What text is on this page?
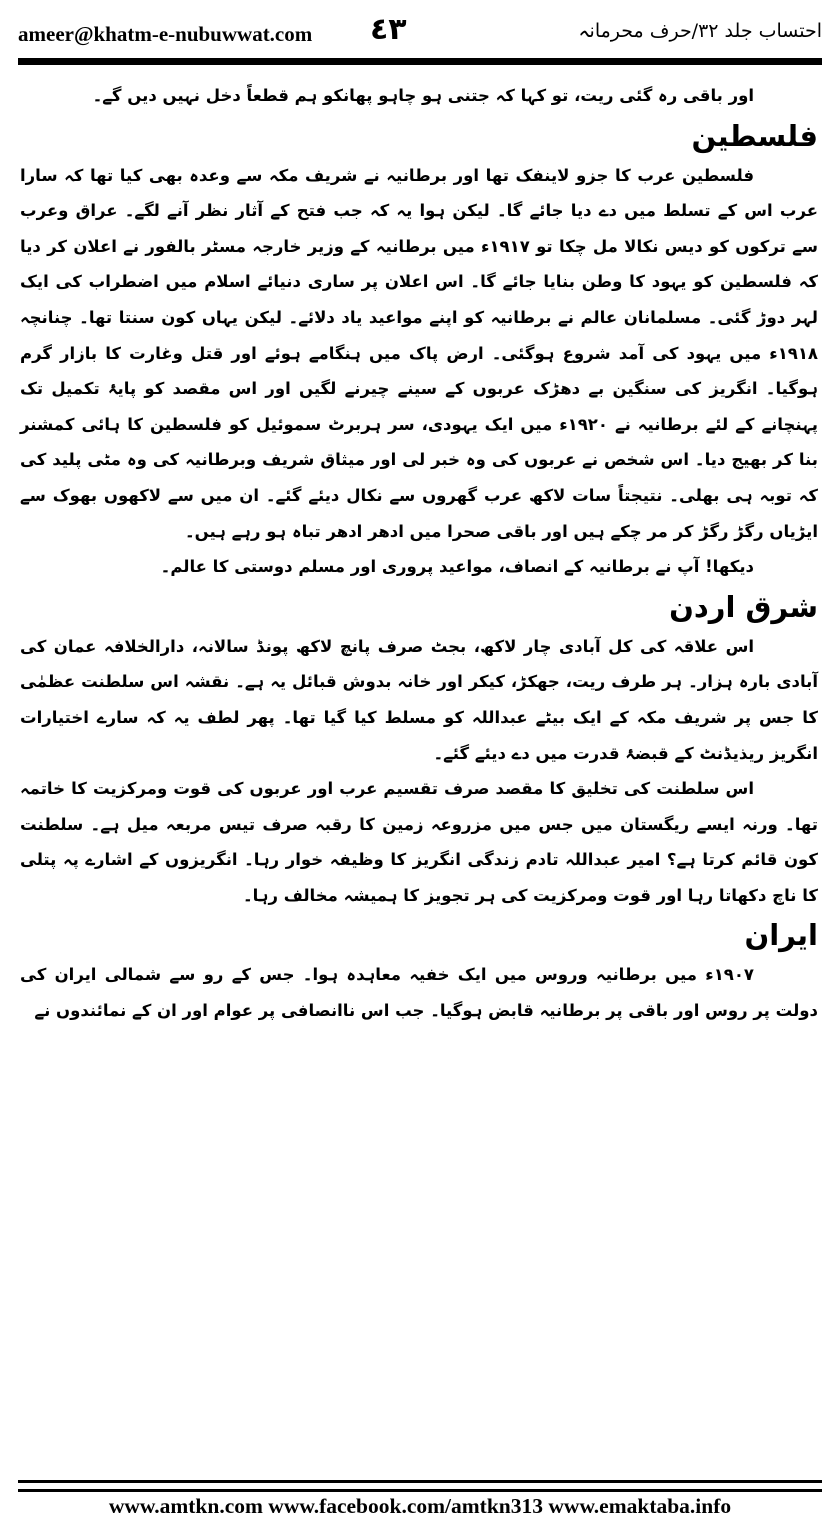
ameer@khatm-e-nubuwwat.com ٤٣	احتساب جلد ۳۲/حرف محرمانہ

اور باقی رہ گئی ریت، تو کہا کہ جتنی ہو چاہو پھانکو ہم قطعاً دخل نہیں دیں گے۔

فلسطین

فلسطین عرب کا جزو لاینفک تھا اور برطانیہ نے شریف مکہ سے وعدہ بھی کیا تھا کہ سارا عرب اس کے تسلط میں دے دیا جائے گا۔ لیکن ہوا یہ کہ جب فتح کے آثار نظر آنے لگے۔ عراق وعرب سے ترکوں کو دیس نکالا مل چکا تو ۱۹۱۷ء میں برطانیہ کے وزیر خارجہ مسٹر بالفور نے اعلان کر دیا کہ فلسطین کو یہود کا وطن بنایا جائے گا۔ اس اعلان پر ساری دنیائے اسلام میں اضطراب کی ایک لہر دوڑ گئی۔ مسلمانان عالم نے برطانیہ کو اپنے مواعید یاد دلائے۔ لیکن یہاں کون سنتا تھا۔ چنانچہ ۱۹۱۸ء میں یہود کی آمد شروع ہوگئی۔ ارض پاک میں ہنگامے ہوئے اور قتل وغارت کا بازار گرم ہوگیا۔ انگریز کی سنگین بے دھڑک عربوں کے سینے چیرنے لگیں اور اس مقصد کو پایۂ تکمیل تک پہنچانے کے لئے برطانیہ نے ۱۹۲۰ء میں ایک یہودی، سر ہربرٹ سموئیل کو فلسطین کا ہائی کمشنر بنا کر بھیج دیا۔ اس شخص نے عربوں کی وہ خبر لی اور میثاق شریف وبرطانیہ کی وہ مٹی پلید کی کہ توبہ ہی بھلی۔ نتیجتاً سات لاکھ عرب گھروں سے نکال دیئے گئے۔ ان میں سے لاکھوں بھوک سے ایڑیاں رگڑ رگڑ کر مر چکے ہیں اور باقی صحرا میں ادھر ادھر تباہ ہو رہے ہیں۔

دیکھا! آپ نے برطانیہ کے انصاف، مواعید پروری اور مسلم دوستی کا عالم۔

شرق اردن

اس علاقہ کی کل آبادی چار لاکھ، بجٹ صرف پانچ لاکھ پونڈ سالانہ، دارالخلافہ عمان کی آبادی بارہ ہزار۔ ہر طرف ریت، جھکڑ، کیکر اور خانہ بدوش قبائل یہ ہے۔ نقشہ اس سلطنت عظمٰی کا جس پر شریف مکہ کے ایک بیٹے عبداللہ کو مسلط کیا گیا تھا۔ پھر لطف یہ کہ سارے اختیارات انگریز ریذیڈنٹ کے قبضۂ قدرت میں دے دیئے گئے۔

اس سلطنت کی تخلیق کا مقصد صرف تقسیم عرب اور عربوں کی قوت ومرکزیت کا خاتمہ تھا۔ ورنہ ایسے ریگستان میں جس میں مزروعہ زمین کا رقبہ صرف تیس مربعہ میل ہے۔ سلطنت کون قائم کرتا ہے؟ امیر عبداللہ تادم زندگی انگریز کا وظیفہ خوار رہا۔ انگریزوں کے اشارے پہ پتلی کا ناچ دکھاتا رہا اور قوت ومرکزیت کی ہر تجویز کا ہمیشہ مخالف رہا۔

ایران

۱۹۰۷ء میں برطانیہ وروس میں ایک خفیہ معاہدہ ہوا۔ جس کے رو سے شمالی ایران کی دولت پر روس اور باقی پر برطانیہ قابض ہوگیا۔ جب اس ناانصافی پر عوام اور ان کے نمائندوں نے

www.amtkn.com www.facebook.com/amtkn313 www.emaktaba.info
